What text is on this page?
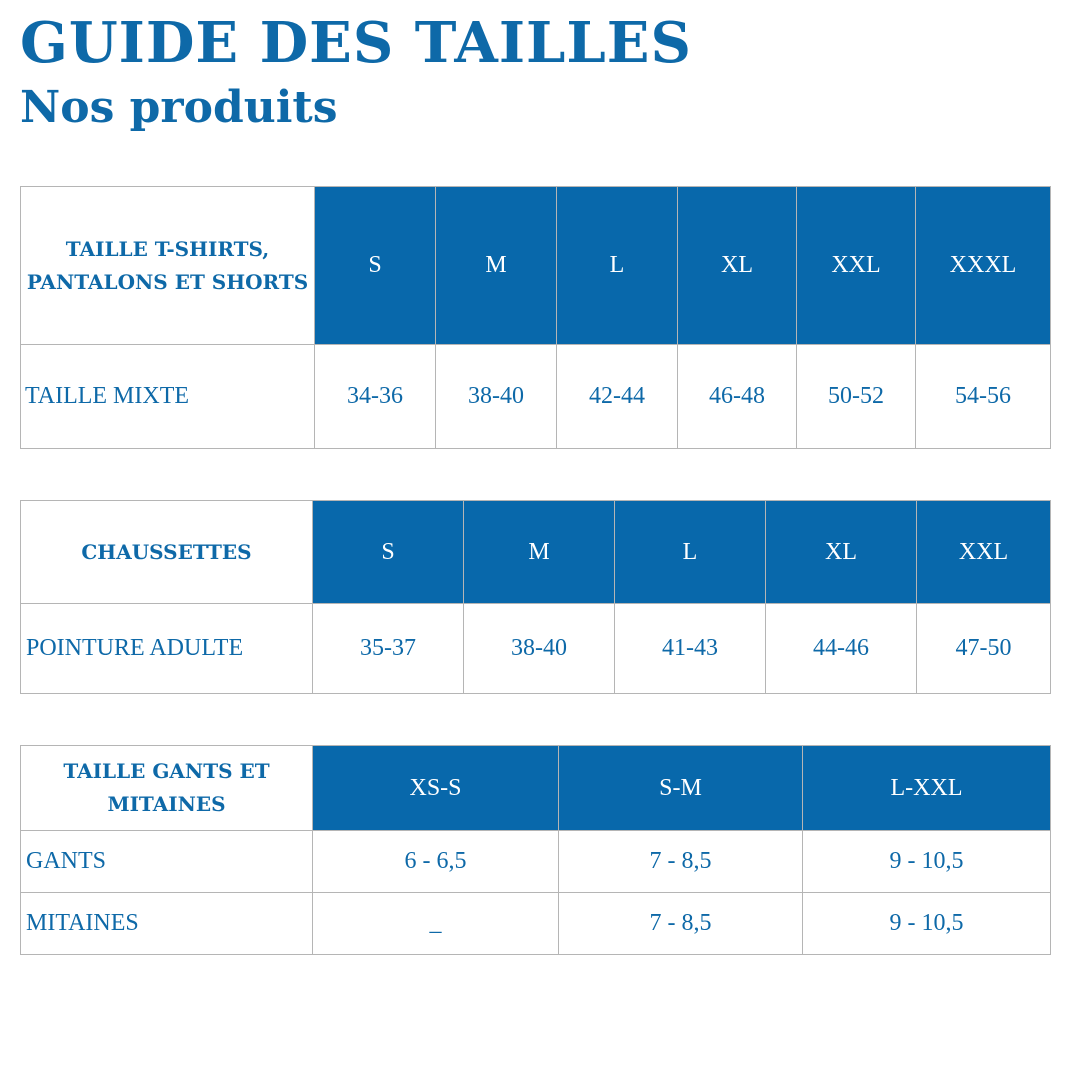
GUIDE DES TAILLES
Nos produits
TAILLE T-SHIRTS, PANTALONS ET SHORTS	S	M	L	XL	XXL	XXXL
TAILLE MIXTE	34-36	38-40	42-44	46-48	50-52	54-56
CHAUSSETTES	S	M	L	XL	XXL
POINTURE ADULTE	35-37	38-40	41-43	44-46	47-50
TAILLE GANTS ET MITAINES	XS-S	S-M	L-XXL
GANTS	6 - 6,5	7 - 8,5	9 - 10,5
MITAINES	_	7 - 8,5	9 - 10,5
